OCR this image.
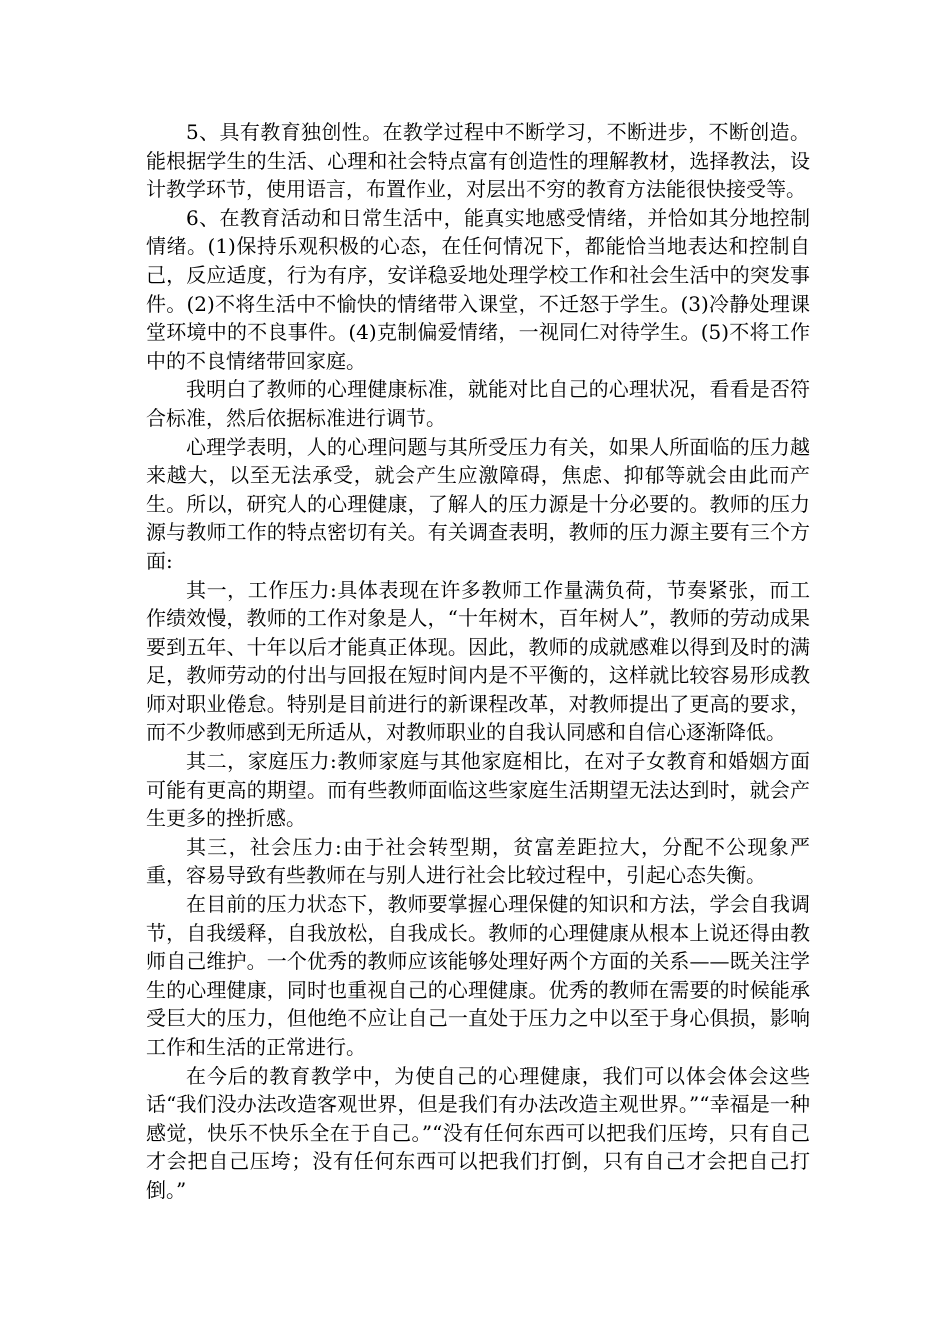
5、具有教育独创性。在教学过程中不断学习，不断进步，不断创造。能根据学生的生活、心理和社会特点富有创造性的理解教材，选择教法，设计教学环节，使用语言，布置作业，对层出不穷的教育方法能很快接受等。

6、在教育活动和日常生活中，能真实地感受情绪，并恰如其分地控制情绪。(1)保持乐观积极的心态，在任何情况下，都能恰当地表达和控制自己，反应适度，行为有序，安详稳妥地处理学校工作和社会生活中的突发事件。(2)不将生活中不愉快的情绪带入课堂，不迁怒于学生。(3)冷静处理课堂环境中的不良事件。(4)克制偏爱情绪，一视同仁对待学生。(5)不将工作中的不良情绪带回家庭。

我明白了教师的心理健康标准，就能对比自己的心理状况，看看是否符合标准，然后依据标准进行调节。

心理学表明，人的心理问题与其所受压力有关，如果人所面临的压力越来越大，以至无法承受，就会产生应激障碍，焦虑、抑郁等就会由此而产生。所以，研究人的心理健康，了解人的压力源是十分必要的。教师的压力源与教师工作的特点密切有关。有关调查表明，教师的压力源主要有三个方面:

其一，工作压力:具体表现在许多教师工作量满负荷，节奏紧张，而工作绩效慢，教师的工作对象是人，“十年树木，百年树人”，教师的劳动成果要到五年、十年以后才能真正体现。因此，教师的成就感难以得到及时的满足，教师劳动的付出与回报在短时间内是不平衡的，这样就比较容易形成教师对职业倦怠。特别是目前进行的新课程改革，对教师提出了更高的要求，而不少教师感到无所适从，对教师职业的自我认同感和自信心逐渐降低。

其二，家庭压力:教师家庭与其他家庭相比，在对子女教育和婚姻方面可能有更高的期望。而有些教师面临这些家庭生活期望无法达到时，就会产生更多的挫折感。

其三，社会压力:由于社会转型期，贫富差距拉大，分配不公现象严重，容易导致有些教师在与别人进行社会比较过程中，引起心态失衡。

在目前的压力状态下，教师要掌握心理保健的知识和方法，学会自我调节，自我缓释，自我放松，自我成长。教师的心理健康从根本上说还得由教师自己维护。一个优秀的教师应该能够处理好两个方面的关系——既关注学生的心理健康，同时也重视自己的心理健康。优秀的教师在需要的时候能承受巨大的压力，但他绝不应让自己一直处于压力之中以至于身心俱损，影响工作和生活的正常进行。

在今后的教育教学中，为使自己的心理健康，我们可以体会体会这些话“我们没办法改造客观世界，但是我们有办法改造主观世界。”“幸福是一种感觉，快乐不快乐全在于自己。”“没有任何东西可以把我们压垮，只有自己才会把自己压垮；没有任何东西可以把我们打倒，只有自己才会把自己打倒。”
